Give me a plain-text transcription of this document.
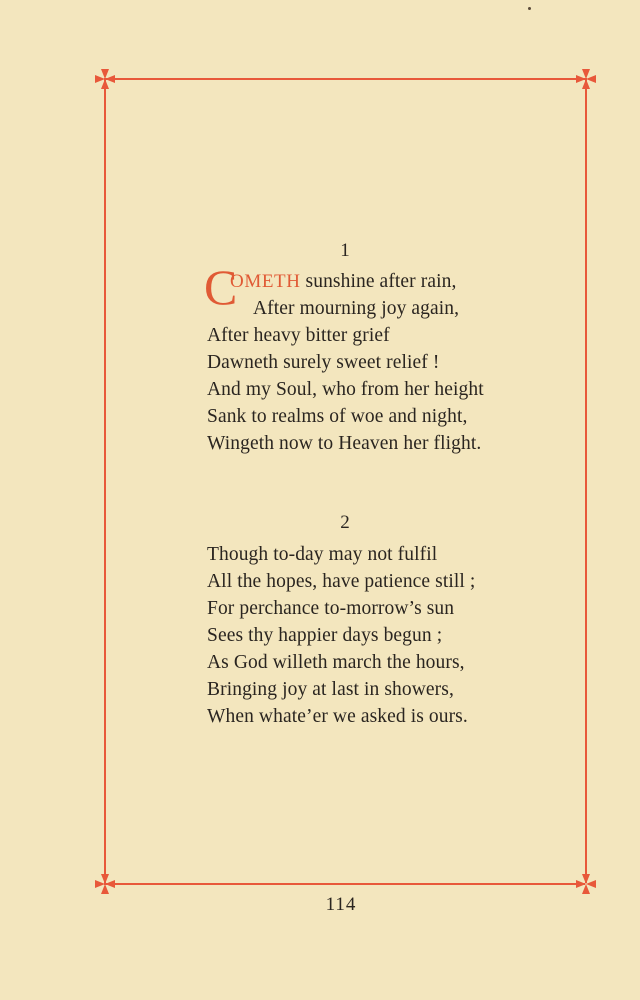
1
C
OMETH sunshine after rain,
After mourning joy again,
After heavy bitter grief
Dawneth surely sweet relief !
And my Soul, who from her height
Sank to realms of woe and night,
Wingeth now to Heaven her flight.
2
Though to-day may not fulfil
All the hopes, have patience still ;
For perchance to-morrow’s sun
Sees thy happier days begun ;
As God willeth march the hours,
Bringing joy at last in showers,
When whate’er we asked is ours.
114
